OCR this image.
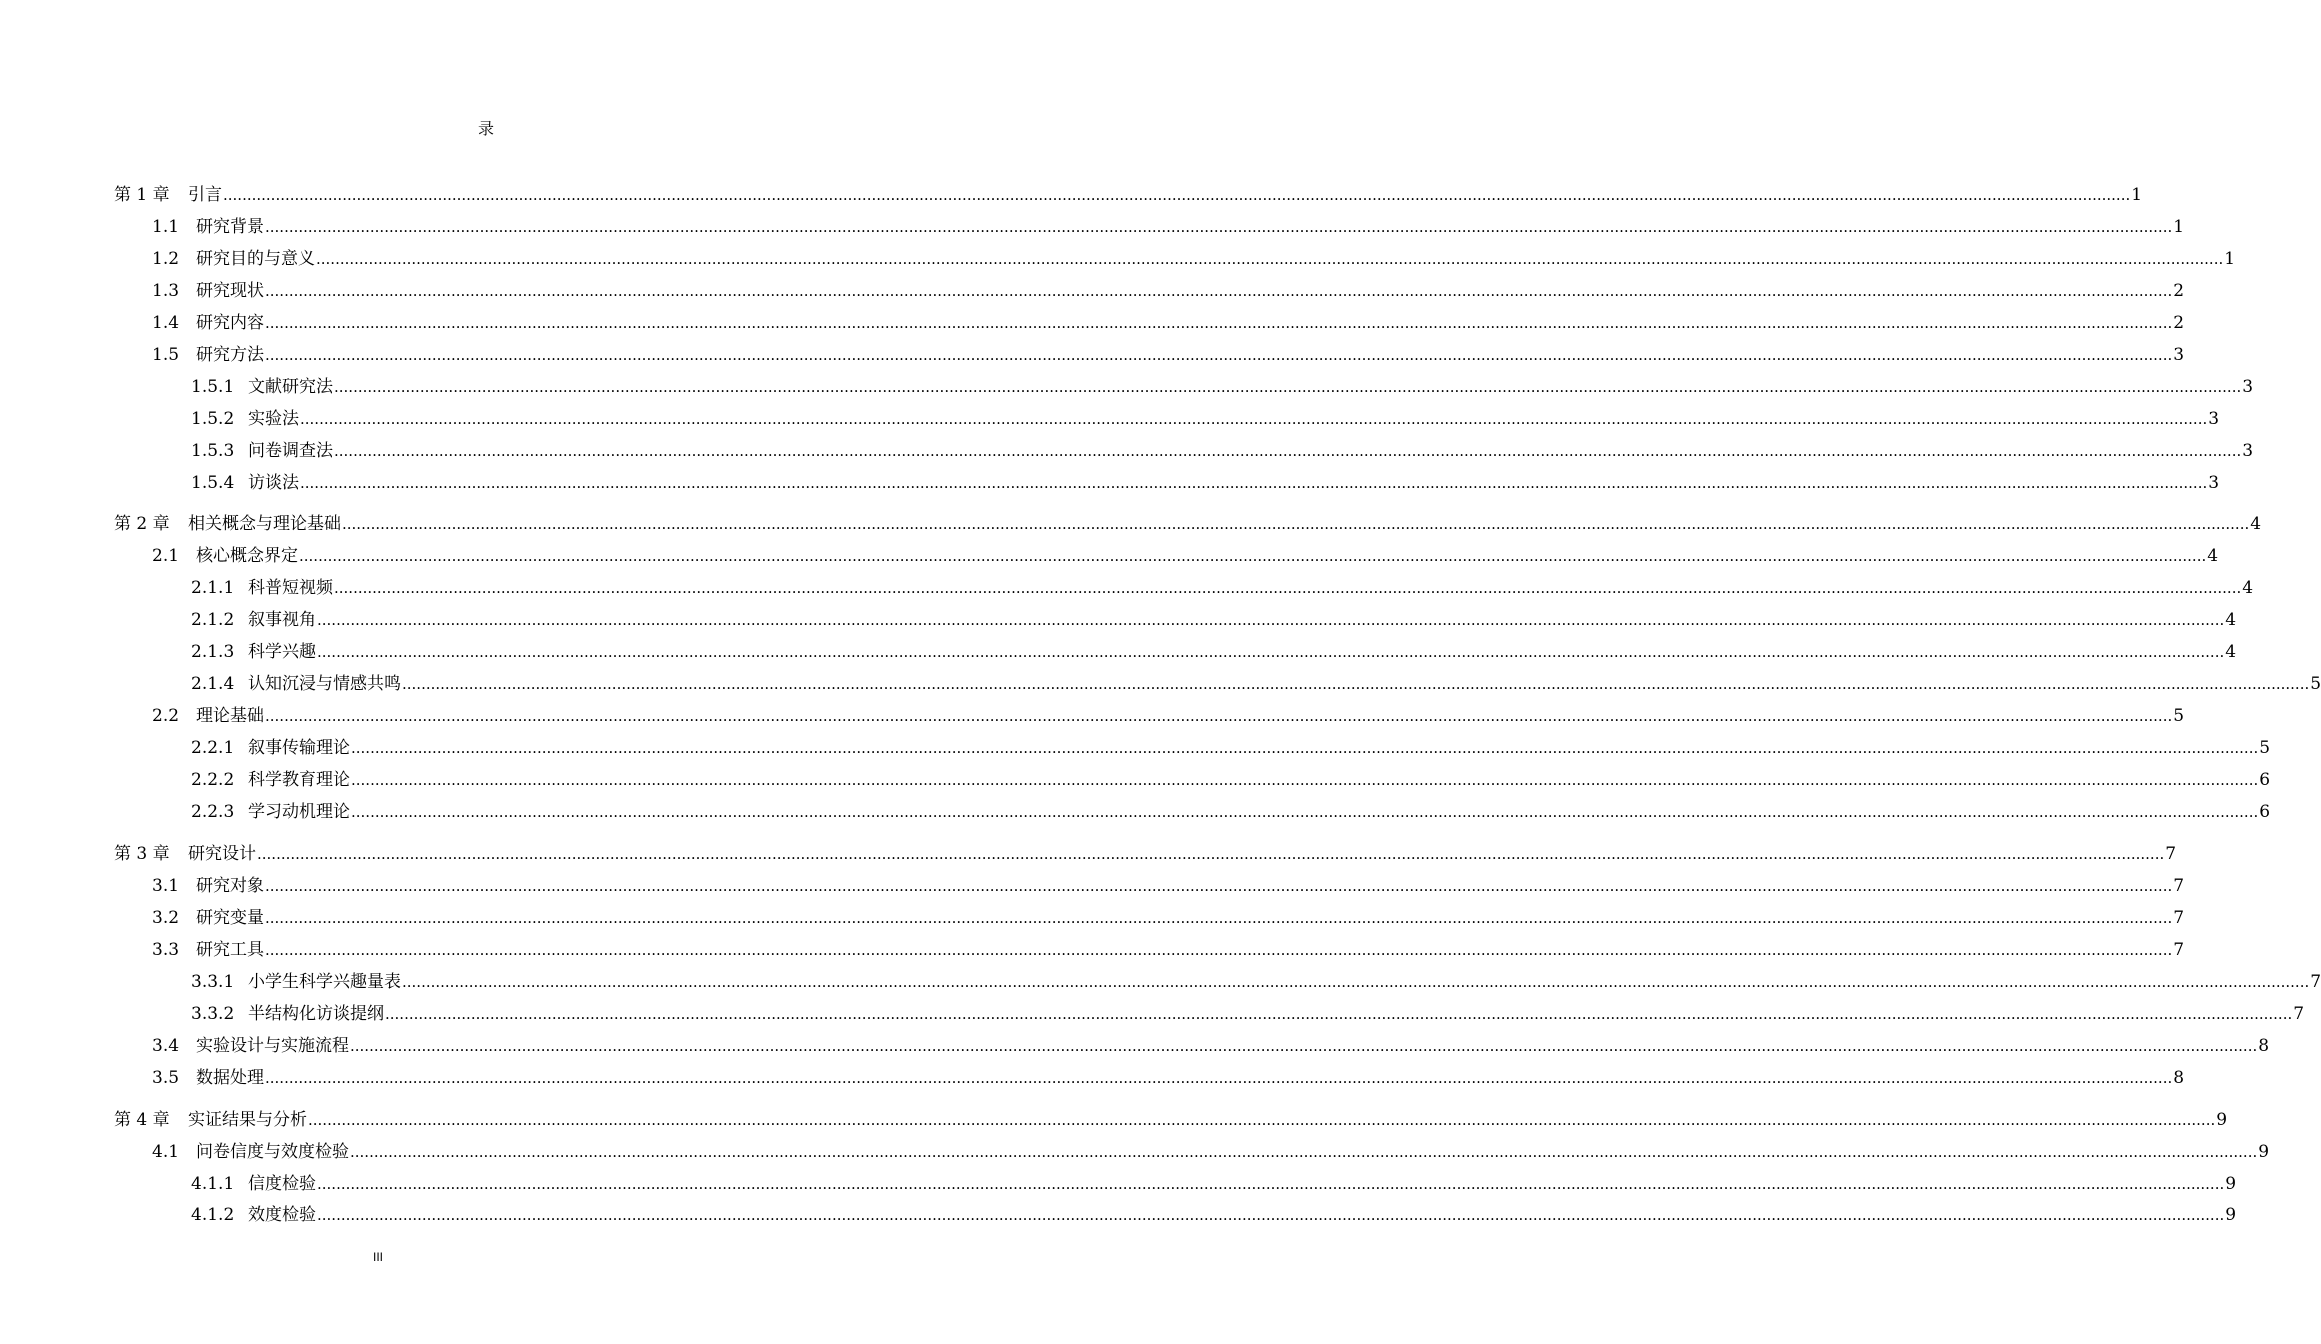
录
第 1 章	引言 ................................................................................................................................................................................................................................................................................................................................................................................................................ 1
1.1 研究背景 ................................................................................................................................................................................................................................................................................................................................................................................................................ 1
1.2 研究目的与意义 ................................................................................................................................................................................................................................................................................................................................................................................................................ 1
1.3 研究现状 ................................................................................................................................................................................................................................................................................................................................................................................................................ 2
1.4 研究内容 ................................................................................................................................................................................................................................................................................................................................................................................................................ 2
1.5 研究方法 ................................................................................................................................................................................................................................................................................................................................................................................................................ 3
1.5.1 文献研究法 ................................................................................................................................................................................................................................................................................................................................................................................................................ 3
1.5.2 实验法 ................................................................................................................................................................................................................................................................................................................................................................................................................ 3
1.5.3 问卷调查法 ................................................................................................................................................................................................................................................................................................................................................................................................................ 3
1.5.4 访谈法 ................................................................................................................................................................................................................................................................................................................................................................................................................ 3
第 2 章	相关概念与理论基础 ................................................................................................................................................................................................................................................................................................................................................................................................................ 4
2.1 核心概念界定 ................................................................................................................................................................................................................................................................................................................................................................................................................ 4
2.1.1 科普短视频 ................................................................................................................................................................................................................................................................................................................................................................................................................ 4
2.1.2 叙事视角 ................................................................................................................................................................................................................................................................................................................................................................................................................ 4
2.1.3 科学兴趣 ................................................................................................................................................................................................................................................................................................................................................................................................................ 4
2.1.4 认知沉浸与情感共鸣 ................................................................................................................................................................................................................................................................................................................................................................................................................ 5
2.2 理论基础 ................................................................................................................................................................................................................................................................................................................................................................................................................ 5
2.2.1 叙事传输理论 ................................................................................................................................................................................................................................................................................................................................................................................................................ 5
2.2.2 科学教育理论 ................................................................................................................................................................................................................................................................................................................................................................................................................ 6
2.2.3 学习动机理论 ................................................................................................................................................................................................................................................................................................................................................................................................................ 6
第 3 章	研究设计 ................................................................................................................................................................................................................................................................................................................................................................................................................ 7
3.1 研究对象 ................................................................................................................................................................................................................................................................................................................................................................................................................ 7
3.2 研究变量 ................................................................................................................................................................................................................................................................................................................................................................................................................ 7
3.3 研究工具 ................................................................................................................................................................................................................................................................................................................................................................................................................ 7
3.3.1 小学生科学兴趣量表 ................................................................................................................................................................................................................................................................................................................................................................................................................ 7
3.3.2 半结构化访谈提纲 ................................................................................................................................................................................................................................................................................................................................................................................................................ 7
3.4 实验设计与实施流程 ................................................................................................................................................................................................................................................................................................................................................................................................................ 8
3.5 数据处理 ................................................................................................................................................................................................................................................................................................................................................................................................................ 8
第 4 章	实证结果与分析 ................................................................................................................................................................................................................................................................................................................................................................................................................ 9
4.1 问卷信度与效度检验 ................................................................................................................................................................................................................................................................................................................................................................................................................ 9
4.1.1 信度检验 ................................................................................................................................................................................................................................................................................................................................................................................................................ 9
4.1.2 效度检验 ................................................................................................................................................................................................................................................................................................................................................................................................................ 9
III
